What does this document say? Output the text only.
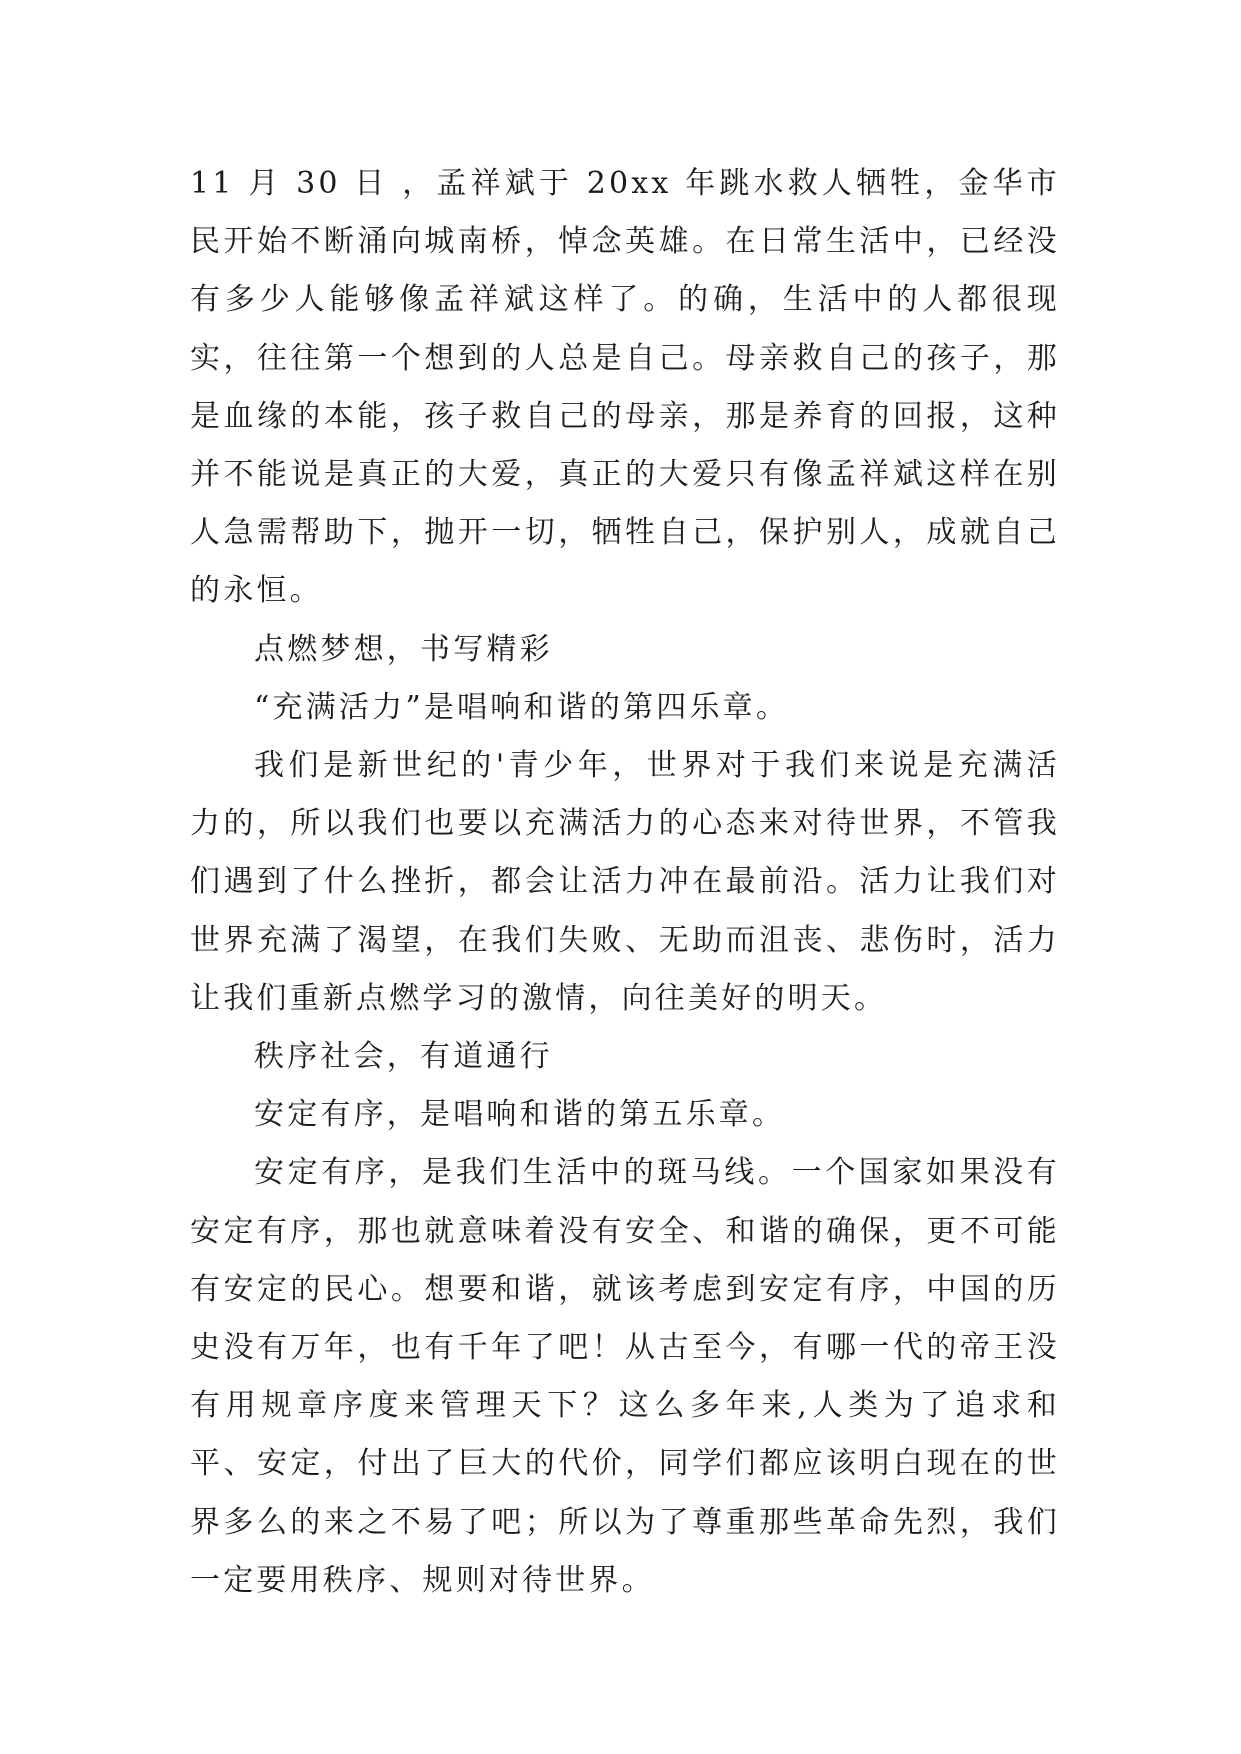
11 月 30 日 ，孟祥斌于 20xx 年跳水救人牺牲，金华市民开始不断涌向城南桥，悼念英雄。在日常生活中，已经没有多少人能够像孟祥斌这样了。的确，生活中的人都很现实，往往第一个想到的人总是自己。母亲救自己的孩子，那是血缘的本能，孩子救自己的母亲，那是养育的回报，这种并不能说是真正的大爱，真正的大爱只有像孟祥斌这样在别人急需帮助下，抛开一切，牺牲自己，保护别人，成就自己的永恒。

点燃梦想，书写精彩

“充满活力”是唱响和谐的第四乐章。

我们是新世纪的'青少年，世界对于我们来说是充满活力的，所以我们也要以充满活力的心态来对待世界，不管我们遇到了什么挫折，都会让活力冲在最前沿。活力让我们对世界充满了渴望，在我们失败、无助而沮丧、悲伤时，活力让我们重新点燃学习的激情，向往美好的明天。

秩序社会，有道通行

安定有序，是唱响和谐的第五乐章。

安定有序，是我们生活中的斑马线。一个国家如果没有安定有序，那也就意味着没有安全、和谐的确保，更不可能有安定的民心。想要和谐，就该考虑到安定有序，中国的历史没有万年，也有千年了吧！从古至今，有哪一代的帝王没有用规章序度来管理天下？这么多年来,人类为了追求和平、安定，付出了巨大的代价，同学们都应该明白现在的世界多么的来之不易了吧；所以为了尊重那些革命先烈，我们一定要用秩序、规则对待世界。
